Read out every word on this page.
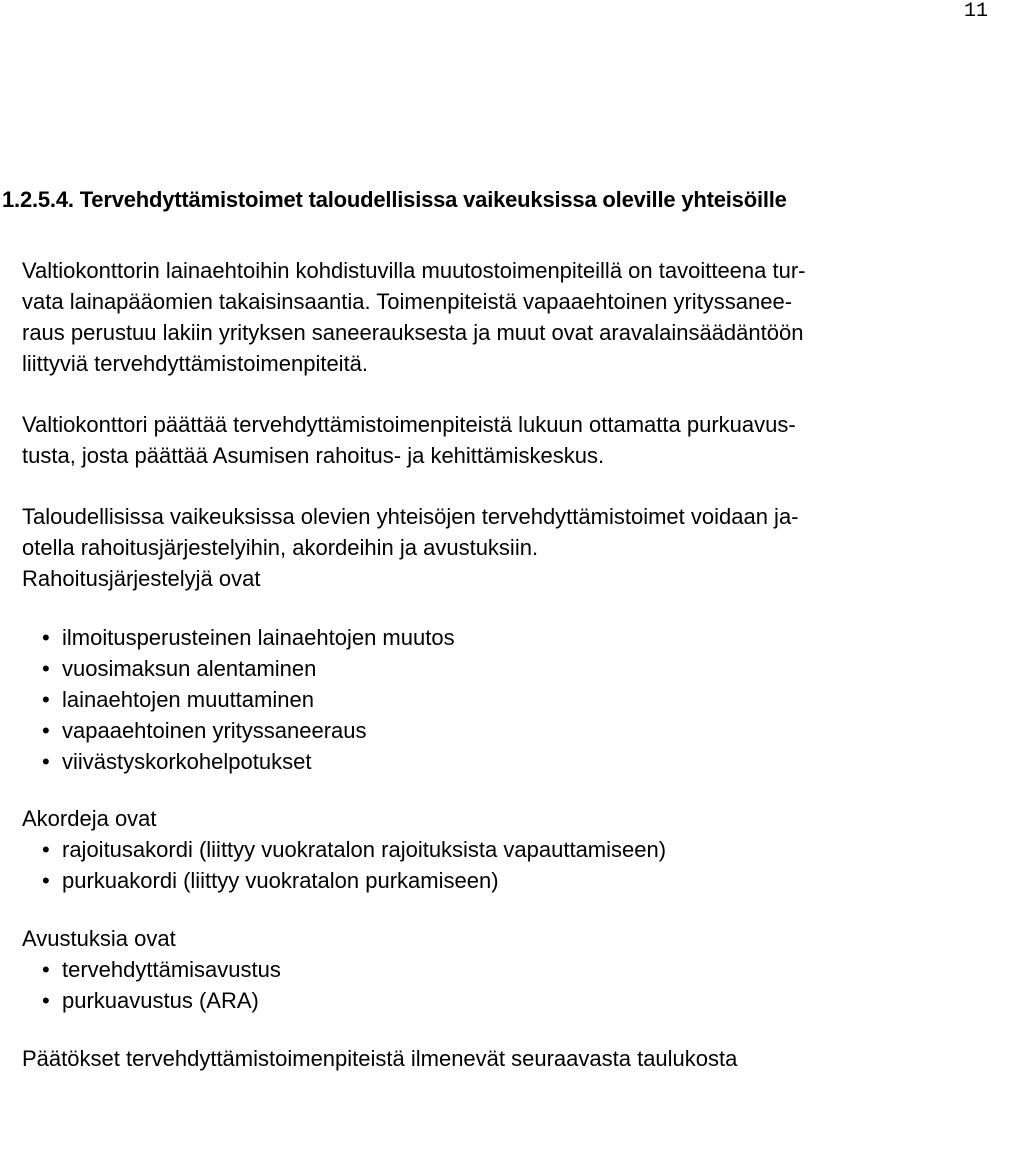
11
1.2.5.4. Tervehdyttämistoimet taloudellisissa vaikeuksissa oleville yhteisöille

Valtiokonttorin lainaehtoihin kohdistuvilla muutostoimenpiteillä on tavoitteena tur-
vata lainapääomien takaisinsaantia. Toimenpiteistä vapaaehtoinen yrityssanee-
raus perustuu lakiin yrityksen saneerauksesta ja muut ovat aravalainsäädäntöön
liittyviä tervehdyttämistoimenpiteitä.

Valtiokonttori päättää tervehdyttämistoimenpiteistä lukuun ottamatta purkuavus-
tusta, josta päättää Asumisen rahoitus- ja kehittämiskeskus.

Taloudellisissa vaikeuksissa olevien yhteisöjen tervehdyttämistoimet voidaan ja-
otella rahoitusjärjestelyihin, akordeihin ja avustuksiin.

Rahoitusjärjestelyjä ovat

• ilmoitusperusteinen lainaehtojen muutos
• vuosimaksun alentaminen
• lainaehtojen muuttaminen
• vapaaehtoinen yrityssaneeraus
• viivästyskorkohelpotukset

Akordeja ovat

• rajoitusakordi (liittyy vuokratalon rajoituksista vapauttamiseen)
• purkuakordi (liittyy vuokratalon purkamiseen)

Avustuksia ovat

• tervehdyttämisavustus
• purkuavustus (ARA)

Päätökset tervehdyttämistoimenpiteistä ilmenevät seuraavasta taulukosta
